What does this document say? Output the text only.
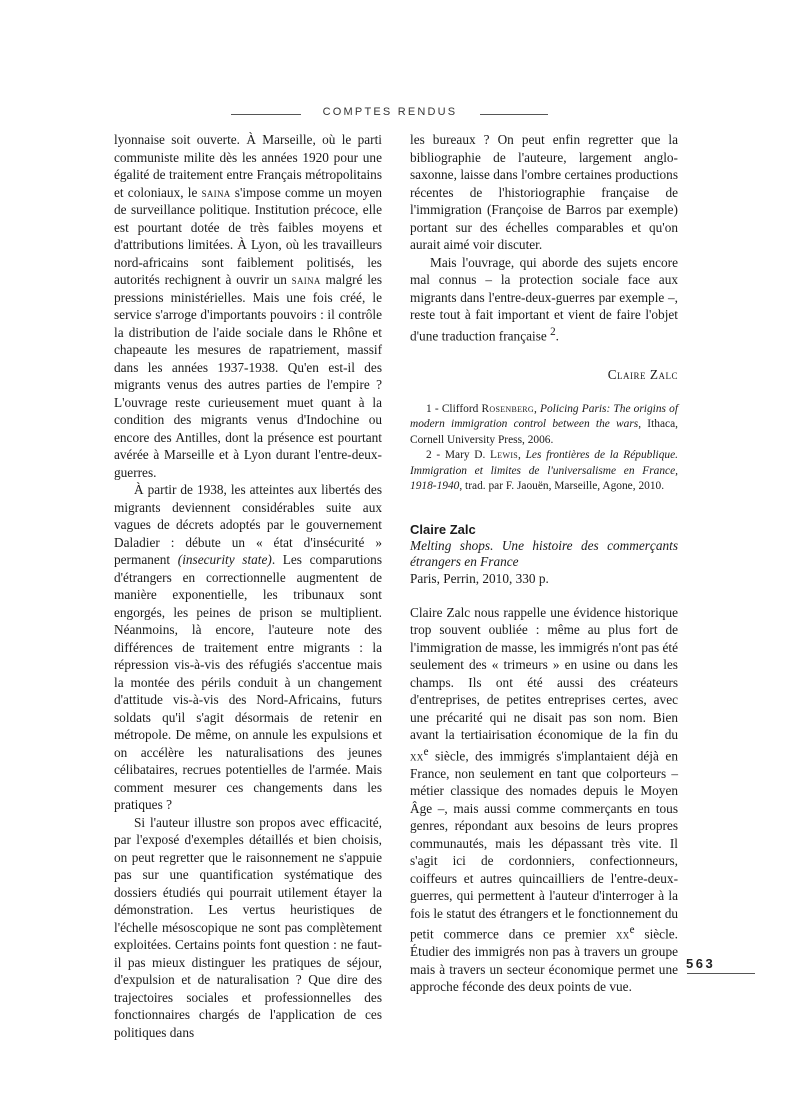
COMPTES RENDUS

lyonnaise soit ouverte. À Marseille, où le parti communiste milite dès les années 1920 pour une égalité de traitement entre Français métropolitains et coloniaux, le saina s'impose comme un moyen de surveillance politique. Institution précoce, elle est pourtant dotée de très faibles moyens et d'attributions limitées. À Lyon, où les travailleurs nord-africains sont faiblement politisés, les autorités rechignent à ouvrir un saina malgré les pressions ministérielles. Mais une fois créé, le service s'arroge d'importants pouvoirs : il contrôle la distribution de l'aide sociale dans le Rhône et chapeaute les mesures de rapatriement, massif dans les années 1937-1938. Qu'en est-il des migrants venus des autres parties de l'empire ? L'ouvrage reste curieusement muet quant à la condition des migrants venus d'Indochine ou encore des Antilles, dont la présence est pourtant avérée à Marseille et à Lyon durant l'entre-deux-guerres.

À partir de 1938, les atteintes aux libertés des migrants deviennent considérables suite aux vagues de décrets adoptés par le gouvernement Daladier : débute un « état d'insécurité » permanent (insecurity state). Les comparutions d'étrangers en correctionnelle augmentent de manière exponentielle, les tribunaux sont engorgés, les peines de prison se multiplient. Néanmoins, là encore, l'auteure note des différences de traitement entre migrants : la répression vis-à-vis des réfugiés s'accentue mais la montée des périls conduit à un changement d'attitude vis-à-vis des Nord-Africains, futurs soldats qu'il s'agit désormais de retenir en métropole. De même, on annule les expulsions et on accélère les naturalisations des jeunes célibataires, recrues potentielles de l'armée. Mais comment mesurer ces changements dans les pratiques ?

Si l'auteur illustre son propos avec efficacité, par l'exposé d'exemples détaillés et bien choisis, on peut regretter que le raisonnement ne s'appuie pas sur une quantification systématique des dossiers étudiés qui pourrait utilement étayer la démonstration. Les vertus heuristiques de l'échelle mésoscopique ne sont pas complètement exploitées. Certains points font question : ne faut-il pas mieux distinguer les pratiques de séjour, d'expulsion et de naturalisation ? Que dire des trajectoires sociales et professionnelles des fonctionnaires chargés de l'application de ces politiques dans

les bureaux ? On peut enfin regretter que la bibliographie de l'auteure, largement anglo-saxonne, laisse dans l'ombre certaines productions récentes de l'historiographie française de l'immigration (Françoise de Barros par exemple) portant sur des échelles comparables et qu'on aurait aimé voir discuter.

Mais l'ouvrage, qui aborde des sujets encore mal connus – la protection sociale face aux migrants dans l'entre-deux-guerres par exemple –, reste tout à fait important et vient de faire l'objet d'une traduction française $^2$.

Claire Zalc

1 - Clifford Rosenberg, Policing Paris: The origins of modern immigration control between the wars, Ithaca, Cornell University Press, 2006.

2 - Mary D. Lewis, Les frontières de la République. Immigration et limites de l'universalisme en France, 1918-1940, trad. par F. Jaouën, Marseille, Agone, 2010.

Claire Zalc
Melting shops. Une histoire des commerçants étrangers en France
Paris, Perrin, 2010, 330 p.

Claire Zalc nous rappelle une évidence historique trop souvent oubliée : même au plus fort de l'immigration de masse, les immigrés n'ont pas été seulement des « trimeurs » en usine ou dans les champs. Ils ont été aussi des créateurs d'entreprises, de petites entreprises certes, avec une précarité qui ne disait pas son nom. Bien avant la tertiairisation économique de la fin du $xx^e$ siècle, des immigrés s'implantaient déjà en France, non seulement en tant que colporteurs – métier classique des nomades depuis le Moyen Âge –, mais aussi comme commerçants en tous genres, répondant aux besoins de leurs propres communautés, mais les dépassant très vite. Il s'agit ici de cordonniers, confectionneurs, coiffeurs et autres quincailliers de l'entre-deux-guerres, qui permettent à l'auteur d'interroger à la fois le statut des étrangers et le fonctionnement du petit commerce dans ce premier $xx^e$ siècle. Étudier des immigrés non pas à travers un groupe mais à travers un secteur économique permet une approche féconde des deux points de vue.

563
